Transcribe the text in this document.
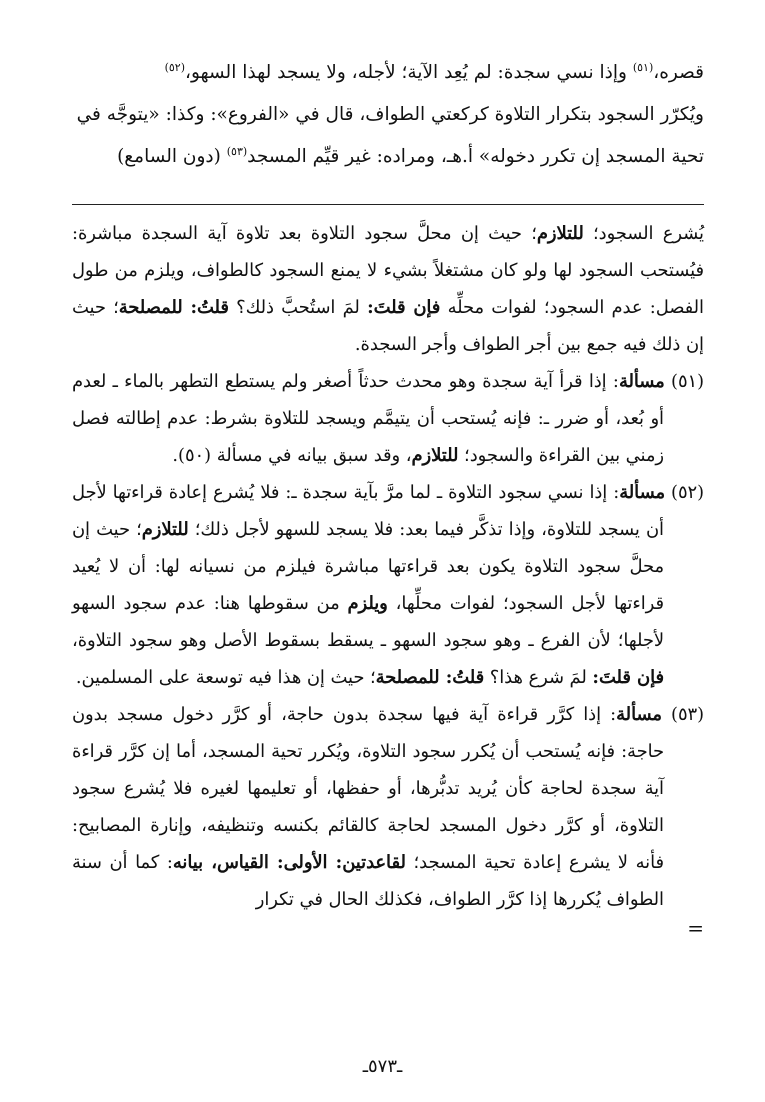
قصره،$^{(٥١)}$ وإذا نسي سجدة: لم يُعِد الآية؛ لأجله، ولا يسجد لهذا السهو،$^{(٥٢)}$

ويُكرّر السجود بتكرار التلاوة كركعتي الطواف، قال في «الفروع»: وكذا: «يتوجَّه في

تحية المسجد إن تكرر دخوله» أ.هـ، ومراده: غير قيِّم المسجد$^{(٥٣)}$ (دون السامع)

يُشرع السجود؛ للتلازم؛ حيث إن محلَّ سجود التلاوة بعد تلاوة آية السجدة مباشرة: فيُستحب السجود لها ولو كان مشتغلاً بشيء لا يمنع السجود كالطواف، ويلزم من طول الفصل: عدم السجود؛ لفوات محلِّه فإن قلتَ: لمَ استُحبَّ ذلك؟ قلتُ: للمصلحة؛ حيث إن ذلك فيه جمع بين أجر الطواف وأجر السجدة.

(٥١) مسألة: إذا قرأ آية سجدة وهو محدث حدثاً أصغر ولم يستطع التطهر بالماء ـ لعدم أو بُعد، أو ضرر ـ: فإنه يُستحب أن يتيمَّم ويسجد للتلاوة بشرط: عدم إطالته فصل زمني بين القراءة والسجود؛ للتلازم، وقد سبق بيانه في مسألة (٥٠).

(٥٢) مسألة: إذا نسي سجود التلاوة ـ لما مرَّ بآية سجدة ـ: فلا يُشرع إعادة قراءتها لأجل أن يسجد للتلاوة، وإذا تذكَّر فيما بعد: فلا يسجد للسهو لأجل ذلك؛ للتلازم؛ حيث إن محلَّ سجود التلاوة يكون بعد قراءتها مباشرة فيلزم من نسيانه لها: أن لا يُعيد قراءتها لأجل السجود؛ لفوات محلِّها، ويلزم من سقوطها هنا: عدم سجود السهو لأجلها؛ لأن الفرع ـ وهو سجود السهو ـ يسقط بسقوط الأصل وهو سجود التلاوة، فإن قلتَ: لمَ شرع هذا؟ قلتُ: للمصلحة؛ حيث إن هذا فيه توسعة على المسلمين.

(٥٣) مسألة: إذا كرَّر قراءة آية فيها سجدة بدون حاجة، أو كرَّر دخول مسجد بدون حاجة: فإنه يُستحب أن يُكرر سجود التلاوة، ويُكرر تحية المسجد، أما إن كرَّر قراءة آية سجدة لحاجة كأن يُريد تدبُّرها، أو حفظها، أو تعليمها لغيره فلا يُشرع سجود التلاوة، أو كرَّر دخول المسجد لحاجة كالقائم بكنسه وتنظيفه، وإنارة المصابيح: فأنه لا يشرع إعادة تحية المسجد؛ لقاعدتين: الأولى: القياس، بيانه: كما أن سنة الطواف يُكررها إذا كرَّر الطواف، فكذلك الحال في تكرار

=

ـ٥٧٣ـ
